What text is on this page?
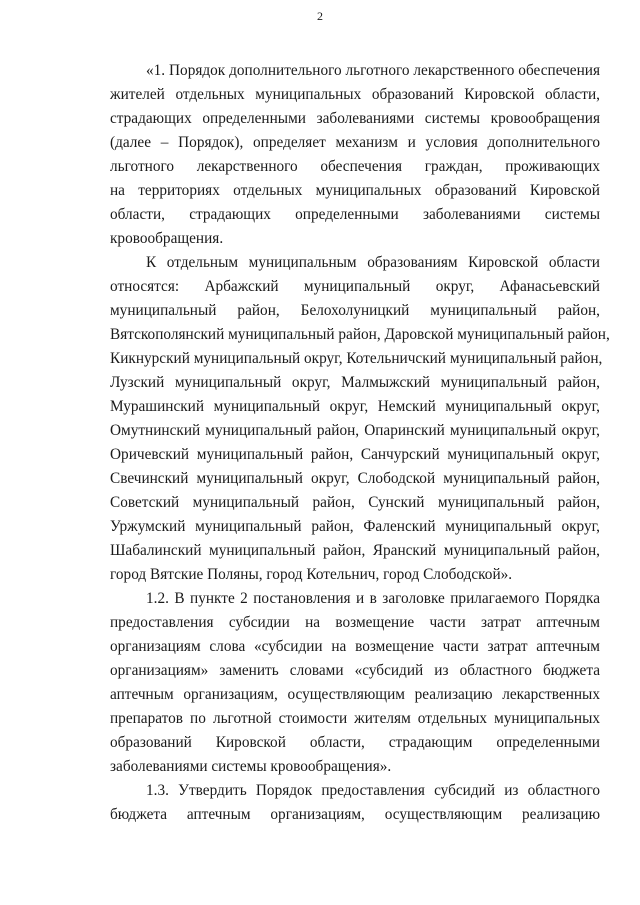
2
«1. Порядок дополнительного льготного лекарственного обеспечения
жителей отдельных муниципальных образований Кировской области,
страдающих определенными заболеваниями системы кровообращения
(далее – Порядок), определяет механизм и условия дополнительного
льготного лекарственного обеспечения граждан, проживающих
на территориях отдельных муниципальных образований Кировской
области, страдающих определенными заболеваниями системы
кровообращения.
К отдельным муниципальным образованиям Кировской области
относятся: Арбажский муниципальный округ, Афанасьевский
муниципальный район, Белохолуницкий муниципальный район,
Вятскополянский муниципальный район, Даровской муниципальный район,
Кикнурский муниципальный округ, Котельничский муниципальный район,
Лузский муниципальный округ, Малмыжский муниципальный район,
Мурашинский муниципальный округ, Немский муниципальный округ,
Омутнинский муниципальный район, Опаринский муниципальный округ,
Оричевский муниципальный район, Санчурский муниципальный округ,
Свечинский муниципальный округ, Слободской муниципальный район,
Советский муниципальный район, Сунский муниципальный район,
Уржумский муниципальный район, Фаленский муниципальный округ,
Шабалинский муниципальный район, Яранский муниципальный район,
город Вятские Поляны, город Котельнич, город Слободской».
1.2. В пункте 2 постановления и в заголовке прилагаемого Порядка
предоставления субсидии на возмещение части затрат аптечным
организациям слова «субсидии на возмещение части затрат аптечным
организациям» заменить словами «субсидий из областного бюджета
аптечным организациям, осуществляющим реализацию лекарственных
препаратов по льготной стоимости жителям отдельных муниципальных
образований Кировской области, страдающим определенными
заболеваниями системы кровообращения».
1.3. Утвердить Порядок предоставления субсидий из областного
бюджета аптечным организациям, осуществляющим реализацию
